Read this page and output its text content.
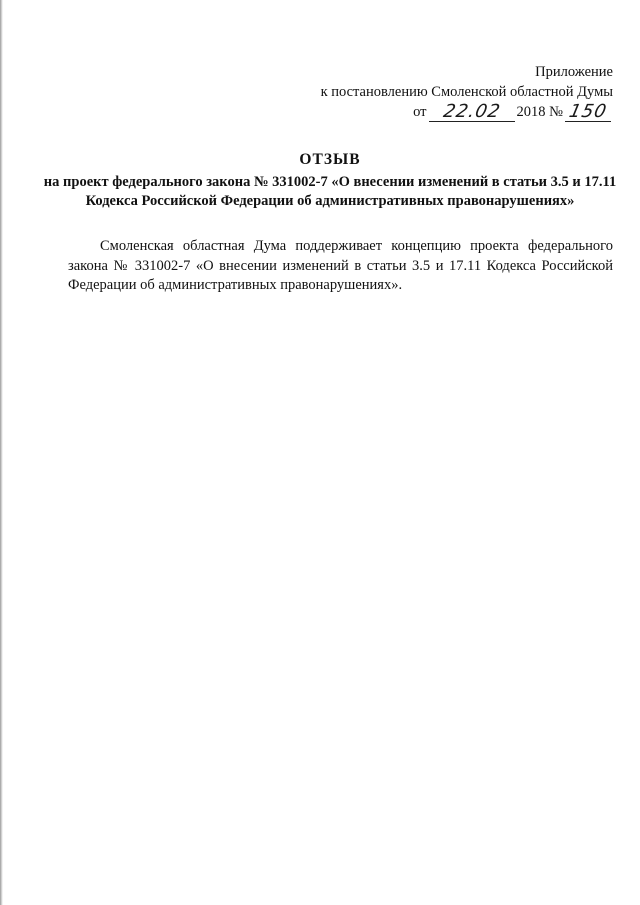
Приложение
к постановлению Смоленской областной Думы
от 22.02 2018 № 150
ОТЗЫВ
на проект федерального закона № 331002-7 «О внесении изменений в статьи 3.5 и 17.11 Кодекса Российской Федерации об административных правонарушениях»
Смоленская областная Дума поддерживает концепцию проекта федерального закона № 331002-7 «О внесении изменений в статьи 3.5 и 17.11 Кодекса Российской Федерации об административных правонарушениях».
